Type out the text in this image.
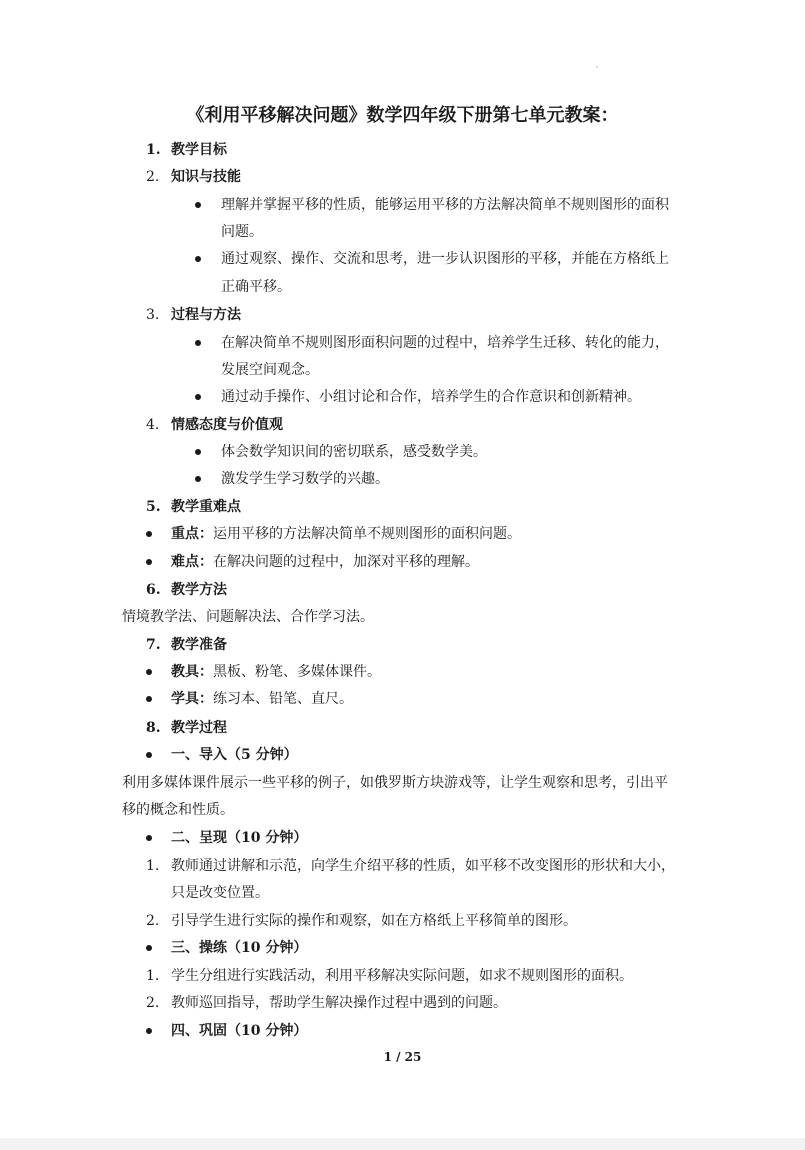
《利用平移解决问题》数学四年级下册第七单元教案：
1. 教学目标
2. 知识与技能
理解并掌握平移的性质，能够运用平移的方法解决简单不规则图形的面积
问题。
通过观察、操作、交流和思考，进一步认识图形的平移，并能在方格纸上
正确平移。
3. 过程与方法
在解决简单不规则图形面积问题的过程中，培养学生迁移、转化的能力，
发展空间观念。
通过动手操作、小组讨论和合作，培养学生的合作意识和创新精神。
4. 情感态度与价值观
体会数学知识间的密切联系，感受数学美。
激发学生学习数学的兴趣。
5. 教学重难点
重点：运用平移的方法解决简单不规则图形的面积问题。
难点：在解决问题的过程中，加深对平移的理解。
6. 教学方法
情境教学法、问题解决法、合作学习法。
7. 教学准备
教具：黑板、粉笔、多媒体课件。
学具：练习本、铅笔、直尺。
8. 教学过程
一、导入（5 分钟）
利用多媒体课件展示一些平移的例子，如俄罗斯方块游戏等，让学生观察和思考，引出平
移的概念和性质。
二、呈现（10 分钟）
1. 教师通过讲解和示范，向学生介绍平移的性质，如平移不改变图形的形状和大小，
只是改变位置。
2. 引导学生进行实际的操作和观察，如在方格纸上平移简单的图形。
三、操练（10 分钟）
1. 学生分组进行实践活动，利用平移解决实际问题，如求不规则图形的面积。
2. 教师巡回指导，帮助学生解决操作过程中遇到的问题。
四、巩固（10 分钟）
1 / 25
